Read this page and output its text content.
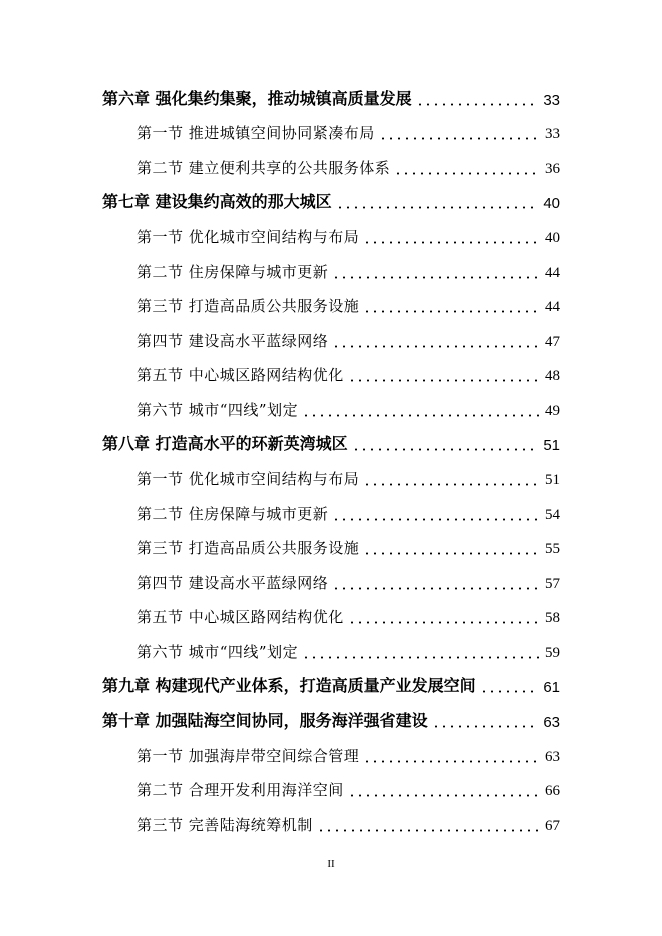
第六章 强化集约集聚，推动城镇高质量发展	33
第一节 推进城镇空间协同紧凑布局	33
第二节 建立便利共享的公共服务体系	36
第七章 建设集约高效的那大城区	40
第一节 优化城市空间结构与布局	40
第二节 住房保障与城市更新	44
第三节 打造高品质公共服务设施	44
第四节 建设高水平蓝绿网络	47
第五节 中心城区路网结构优化	48
第六节 城市“四线”划定	49
第八章 打造高水平的环新英湾城区	51
第一节 优化城市空间结构与布局	51
第二节 住房保障与城市更新	54
第三节 打造高品质公共服务设施	55
第四节 建设高水平蓝绿网络	57
第五节 中心城区路网结构优化	58
第六节 城市“四线”划定	59
第九章 构建现代产业体系，打造高质量产业发展空间	61
第十章 加强陆海空间协同，服务海洋强省建设	63
第一节 加强海岸带空间综合管理	63
第二节 合理开发利用海洋空间	66
第三节 完善陆海统筹机制	67
II
